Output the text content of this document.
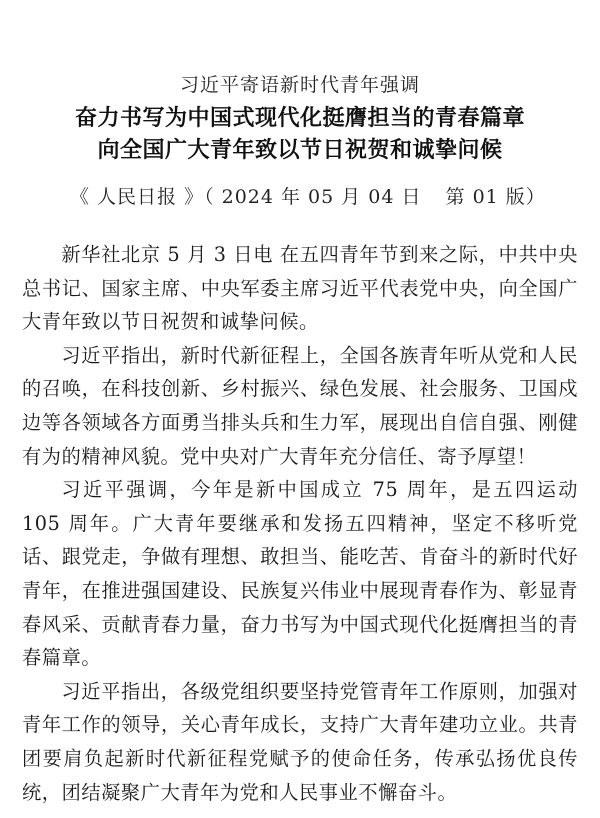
习近平寄语新时代青年强调
奋力书写为中国式现代化挺膺担当的青春篇章
向全国广大青年致以节日祝贺和诚挚问候
《 人民日报 》（ 2024 年 05 月 04 日 第 01 版）

新华社北京 5 月 3 日电 在五四青年节到来之际，中共中央总书记、国家主席、中央军委主席习近平代表党中央，向全国广大青年致以节日祝贺和诚挚问候。

习近平指出，新时代新征程上，全国各族青年听从党和人民的召唤，在科技创新、乡村振兴、绿色发展、社会服务、卫国戍边等各领域各方面勇当排头兵和生力军，展现出自信自强、刚健有为的精神风貌。党中央对广大青年充分信任、寄予厚望！

习近平强调，今年是新中国成立 75 周年，是五四运动 105 周年。广大青年要继承和发扬五四精神，坚定不移听党话、跟党走，争做有理想、敢担当、能吃苦、肯奋斗的新时代好青年，在推进强国建设、民族复兴伟业中展现青春作为、彰显青春风采、贡献青春力量，奋力书写为中国式现代化挺膺担当的青春篇章。

习近平指出，各级党组织要坚持党管青年工作原则，加强对青年工作的领导，关心青年成长，支持广大青年建功立业。共青团要肩负起新时代新征程党赋予的使命任务，传承弘扬优良传统，团结凝聚广大青年为党和人民事业不懈奋斗。
